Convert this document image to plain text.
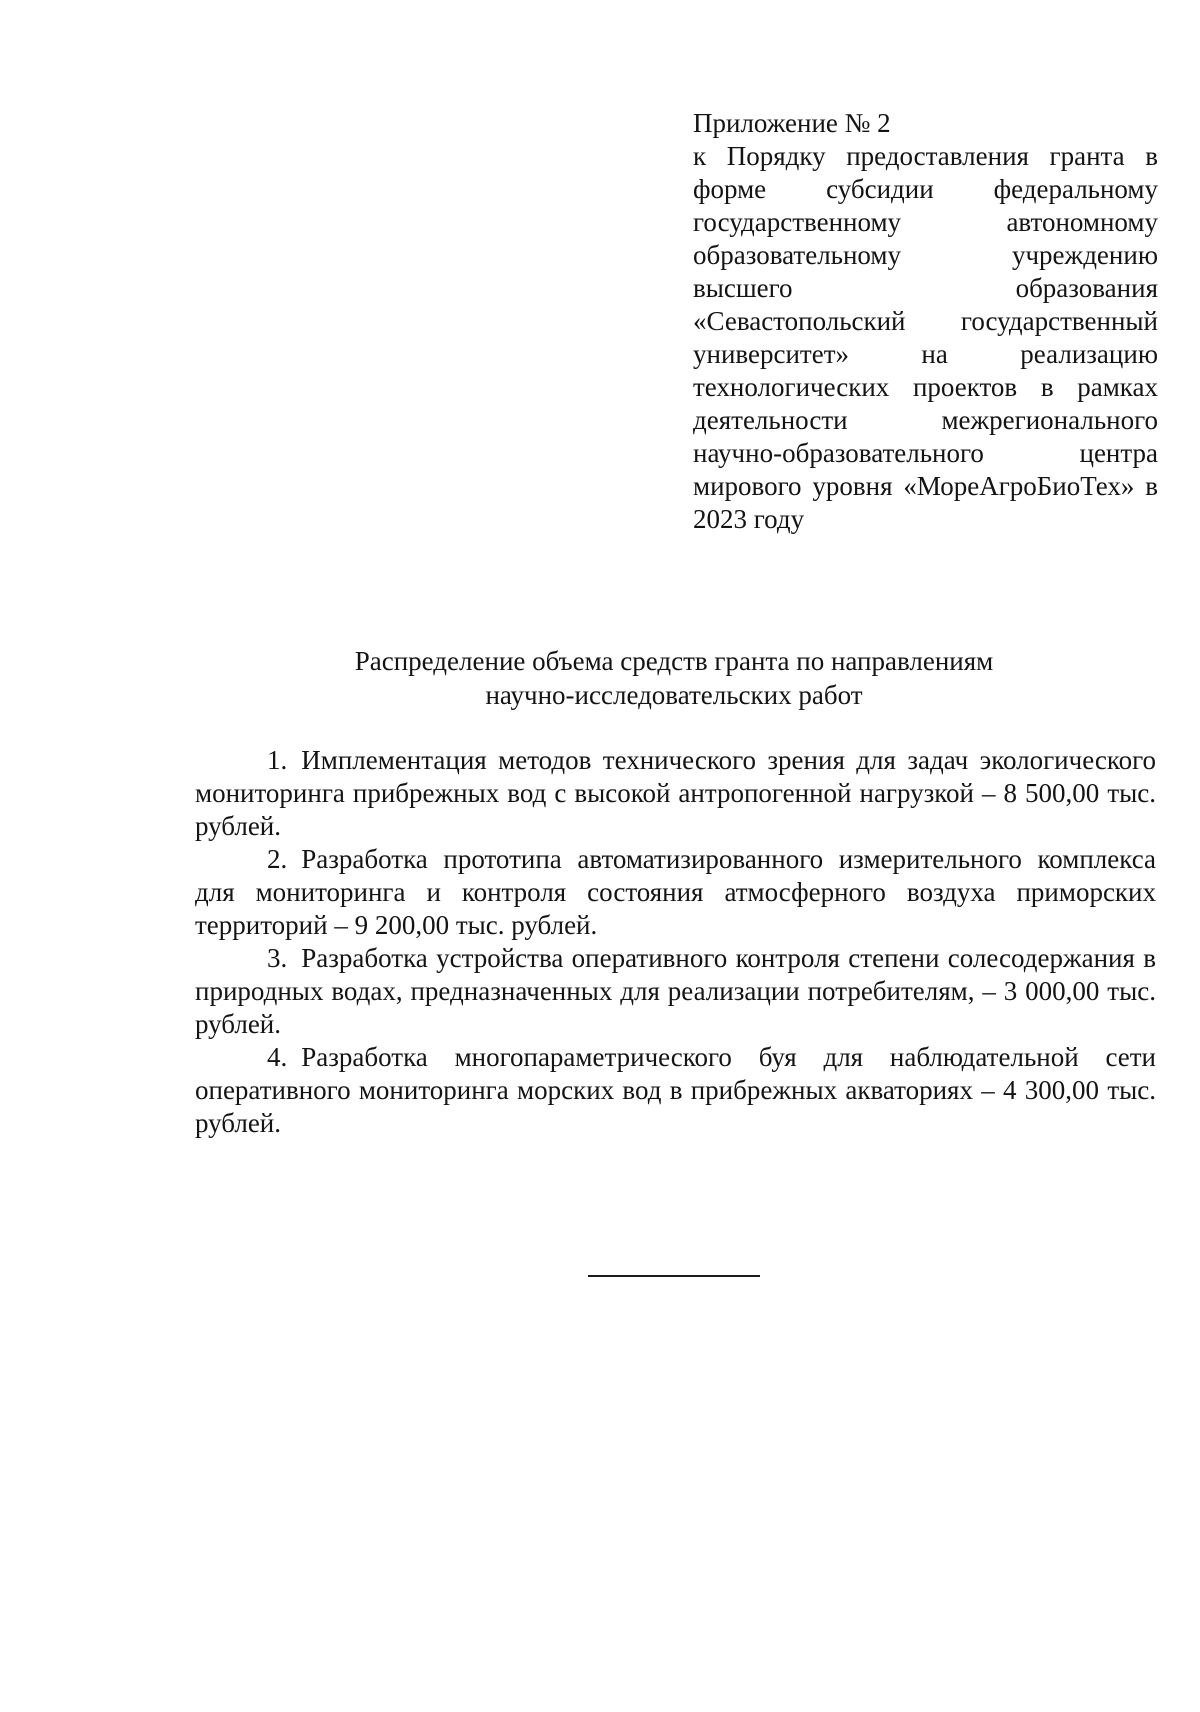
Приложение № 2
к Порядку предоставления гранта в форме субсидии федеральному государственному автономному образовательному учреждению высшего образования «Севастопольский государственный университет» на реализацию технологических проектов в рамках деятельности межрегионального научно-образовательного центра мирового уровня «МореАгроБиоТех» в 2023 году
Распределение объема средств гранта по направлениям
научно-исследовательских работ
1. Имплементация методов технического зрения для задач экологического мониторинга прибрежных вод с высокой антропогенной нагрузкой – 8 500,00 тыс. рублей.
2. Разработка прототипа автоматизированного измерительного комплекса для мониторинга и контроля состояния атмосферного воздуха приморских территорий – 9 200,00 тыс. рублей.
3. Разработка устройства оперативного контроля степени солесодержания в природных водах, предназначенных для реализации потребителям, – 3 000,00 тыс. рублей.
4. Разработка многопараметрического буя для наблюдательной сети оперативного мониторинга морских вод в прибрежных акваториях – 4 300,00 тыс. рублей.
